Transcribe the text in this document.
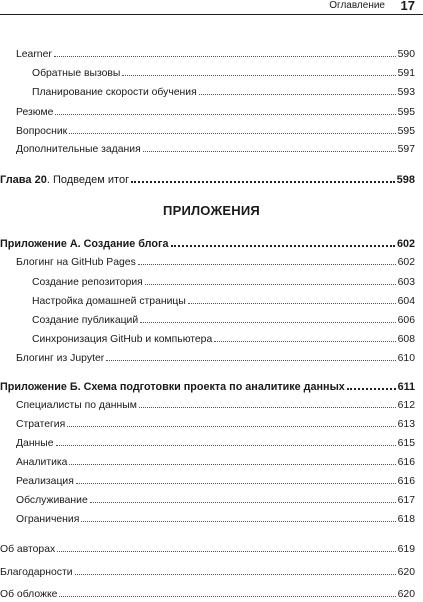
Оглавление 17
Learner	590
Обратные вызовы	591
Планирование скорости обучения	593
Резюме	595
Вопросник	595
Дополнительные задания	597
Глава 20. Подведем итог	598
ПРИЛОЖЕНИЯ
Приложение А. Создание блога	602
Блогинг на GitHub Pages	602
Создание репозитория	603
Настройка домашней страницы	604
Создание публикаций	606
Синхронизация GitHub и компьютера	608
Блогинг из Jupyter	610
Приложение Б. Схема подготовки проекта по аналитике данных	611
Специалисты по данным	612
Стратегия	613
Данные	615
Аналитика	616
Реализация	616
Обслуживание	617
Ограничения	618
Об авторах	619
Благодарности	620
Об обложке	620
